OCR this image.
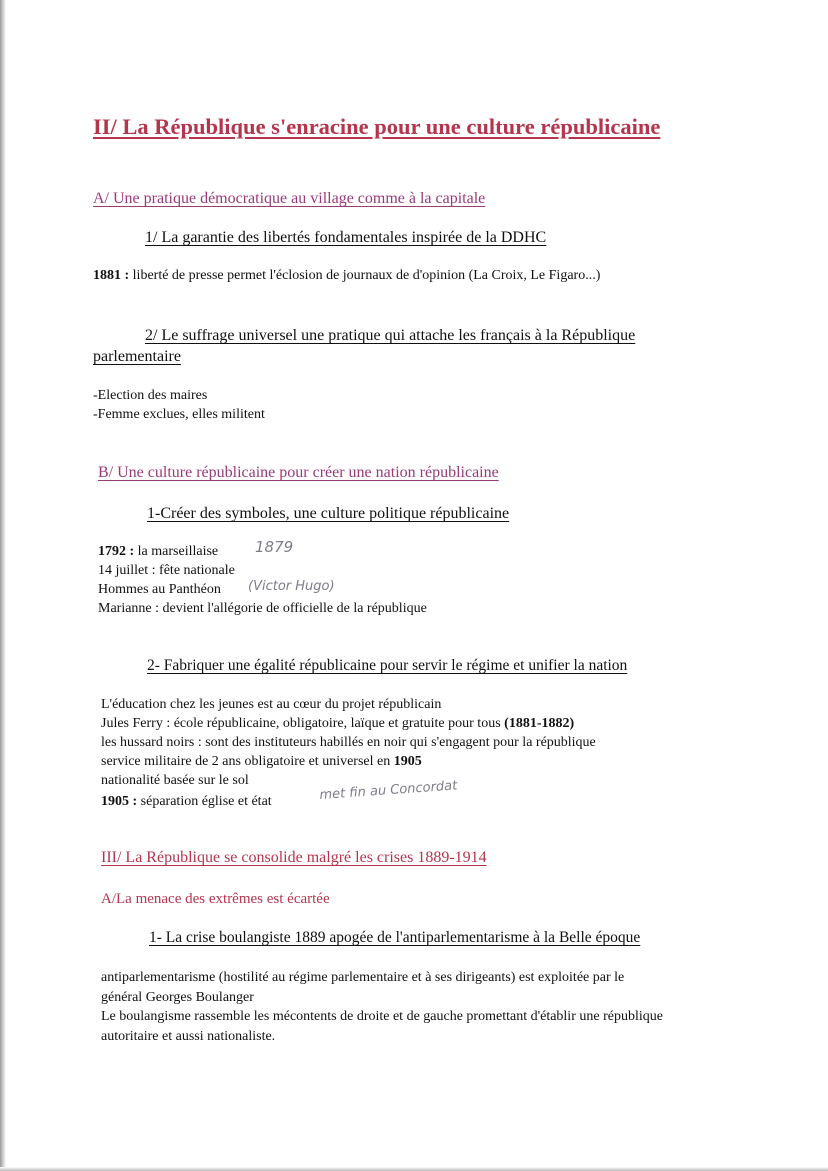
II/ La République s'enracine pour une culture républicaine
A/ Une pratique démocratique au village comme à la capitale
1/ La garantie des libertés fondamentales inspirée de la DDHC
1881 : liberté de presse permet l'éclosion de journaux de d'opinion (La Croix, Le Figaro...)
2/ Le suffrage universel une pratique qui attache les français à la République
parlementaire
-Election des maires
-Femme exclues, elles militent
B/ Une culture républicaine pour créer une nation républicaine
1-Créer des symboles, une culture politique républicaine
1792 : la marseillaise 1879
14 juillet : fête nationale
Hommes au Panthéon (Victor Hugo)
Marianne : devient l'allégorie de officielle de la république
2- Fabriquer une égalité républicaine pour servir le régime et unifier la nation
L'éducation chez les jeunes est au cœur du projet républicain
Jules Ferry : école républicaine, obligatoire, laïque et gratuite pour tous (1881-1882)
les hussard noirs : sont des instituteurs habillés en noir qui s'engagent pour la république
service militaire de 2 ans obligatoire et universel en 1905
nationalité basée sur le sol
1905 : séparation église et état	met fin au Concordat
III/ La République se consolide malgré les crises 1889-1914
A/La menace des extrêmes est écartée
1- La crise boulangiste 1889 apogée de l'antiparlementarisme à la Belle époque
antiparlementarisme (hostilité au régime parlementaire et à ses dirigeants) est exploitée par le
général Georges Boulanger
Le boulangisme rassemble les mécontents de droite et de gauche promettant d'établir une république
autoritaire et aussi nationaliste.
